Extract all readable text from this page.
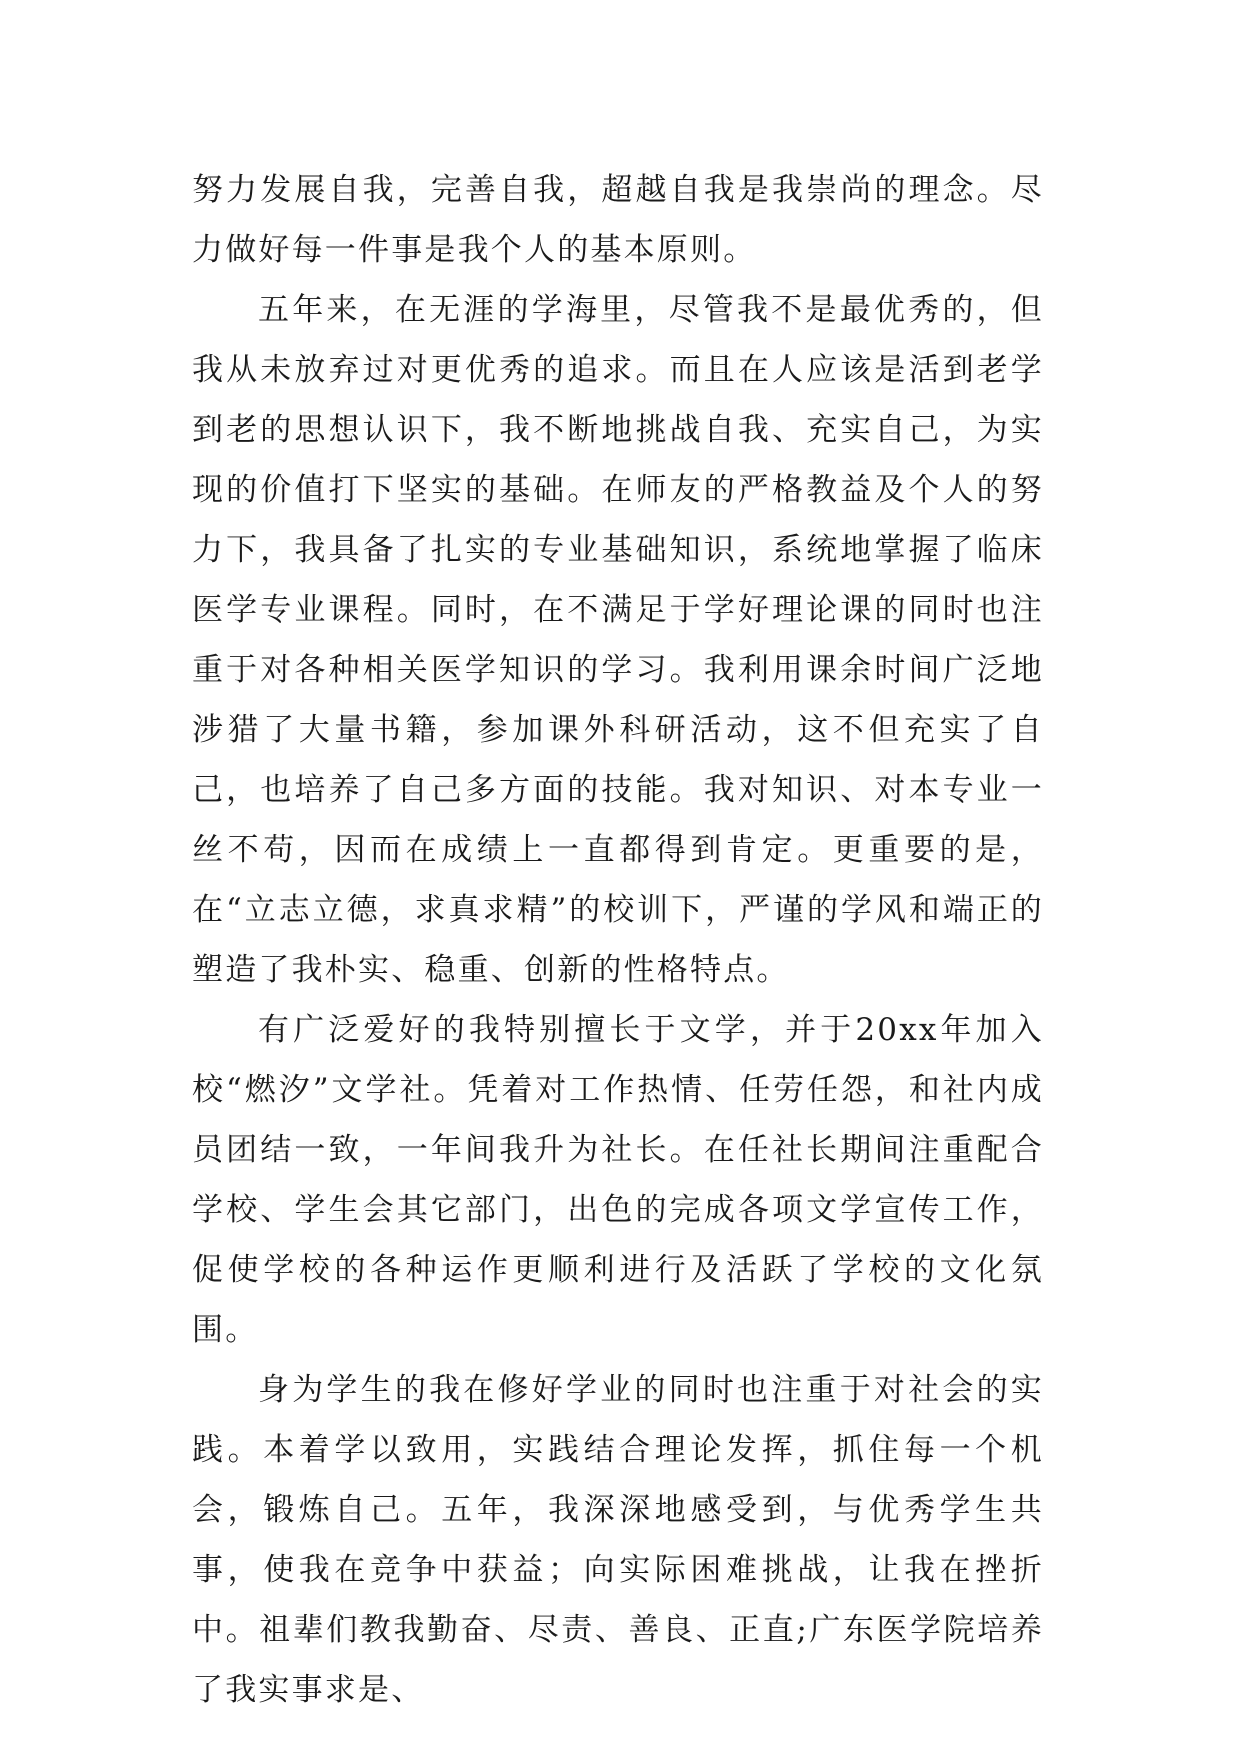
努力发展自我，完善自我，超越自我是我崇尚的理念。尽力做好每一件事是我个人的基本原则。

五年来，在无涯的学海里，尽管我不是最优秀的，但我从未放弃过对更优秀的追求。而且在人应该是活到老学到老的思想认识下，我不断地挑战自我、充实自己，为实现的价值打下坚实的基础。在师友的严格教益及个人的努力下，我具备了扎实的专业基础知识，系统地掌握了临床医学专业课程。同时，在不满足于学好理论课的同时也注重于对各种相关医学知识的学习。我利用课余时间广泛地涉猎了大量书籍，参加课外科研活动，这不但充实了自己，也培养了自己多方面的技能。我对知识、对本专业一丝不苟，因而在成绩上一直都得到肯定。更重要的是，在“立志立德，求真求精”的校训下，严谨的学风和端正的塑造了我朴实、稳重、创新的性格特点。

有广泛爱好的我特别擅长于文学，并于20xx年加入校“燃汐”文学社。凭着对工作热情、任劳任怨，和社内成员团结一致，一年间我升为社长。在任社长期间注重配合学校、学生会其它部门，出色的完成各项文学宣传工作，促使学校的各种运作更顺利进行及活跃了学校的文化氛围。

身为学生的我在修好学业的同时也注重于对社会的实践。本着学以致用，实践结合理论发挥，抓住每一个机会，锻炼自己。五年，我深深地感受到，与优秀学生共事，使我在竞争中获益；向实际困难挑战，让我在挫折中。祖辈们教我勤奋、尽责、善良、正直;广东医学院培养了我实事求是、
